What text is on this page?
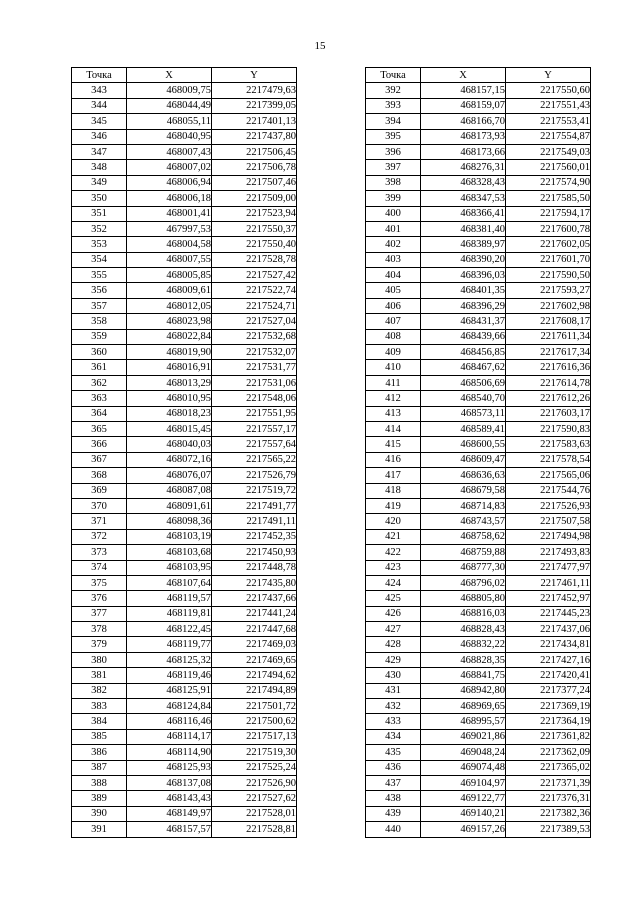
15
Точка	X	Y
343	468009,75	2217479,63
344	468044,49	2217399,05
345	468055,11	2217401,13
346	468040,95	2217437,80
347	468007,43	2217506,45
348	468007,02	2217506,78
349	468006,94	2217507,46
350	468006,18	2217509,00
351	468001,41	2217523,94
352	467997,53	2217550,37
353	468004,58	2217550,40
354	468007,55	2217528,78
355	468005,85	2217527,42
356	468009,61	2217522,74
357	468012,05	2217524,71
358	468023,98	2217527,04
359	468022,84	2217532,68
360	468019,90	2217532,07
361	468016,91	2217531,77
362	468013,29	2217531,06
363	468010,95	2217548,06
364	468018,23	2217551,95
365	468015,45	2217557,17
366	468040,03	2217557,64
367	468072,16	2217565,22
368	468076,07	2217526,79
369	468087,08	2217519,72
370	468091,61	2217491,77
371	468098,36	2217491,11
372	468103,19	2217452,35
373	468103,68	2217450,93
374	468103,95	2217448,78
375	468107,64	2217435,80
376	468119,57	2217437,66
377	468119,81	2217441,24
378	468122,45	2217447,68
379	468119,77	2217469,03
380	468125,32	2217469,65
381	468119,46	2217494,62
382	468125,91	2217494,89
383	468124,84	2217501,72
384	468116,46	2217500,62
385	468114,17	2217517,13
386	468114,90	2217519,30
387	468125,93	2217525,24
388	468137,08	2217526,90
389	468143,43	2217527,62
390	468149,97	2217528,01
391	468157,57	2217528,81
Точка	X	Y
392	468157,15	2217550,60
393	468159,07	2217551,43
394	468166,70	2217553,41
395	468173,93	2217554,87
396	468173,66	2217549,03
397	468276,31	2217560,01
398	468328,43	2217574,90
399	468347,53	2217585,50
400	468366,41	2217594,17
401	468381,40	2217600,78
402	468389,97	2217602,05
403	468390,20	2217601,70
404	468396,03	2217590,50
405	468401,35	2217593,27
406	468396,29	2217602,98
407	468431,37	2217608,17
408	468439,66	2217611,34
409	468456,85	2217617,34
410	468467,62	2217616,36
411	468506,69	2217614,78
412	468540,70	2217612,26
413	468573,11	2217603,17
414	468589,41	2217590,83
415	468600,55	2217583,63
416	468609,47	2217578,54
417	468636,63	2217565,06
418	468679,58	2217544,76
419	468714,83	2217526,93
420	468743,57	2217507,58
421	468758,62	2217494,98
422	468759,88	2217493,83
423	468777,30	2217477,97
424	468796,02	2217461,11
425	468805,80	2217452,97
426	468816,03	2217445,23
427	468828,43	2217437,06
428	468832,22	2217434,81
429	468828,35	2217427,16
430	468841,75	2217420,41
431	468942,80	2217377,24
432	468969,65	2217369,19
433	468995,57	2217364,19
434	469021,86	2217361,82
435	469048,24	2217362,09
436	469074,48	2217365,02
437	469104,97	2217371,39
438	469122,77	2217376,31
439	469140,21	2217382,36
440	469157,26	2217389,53
